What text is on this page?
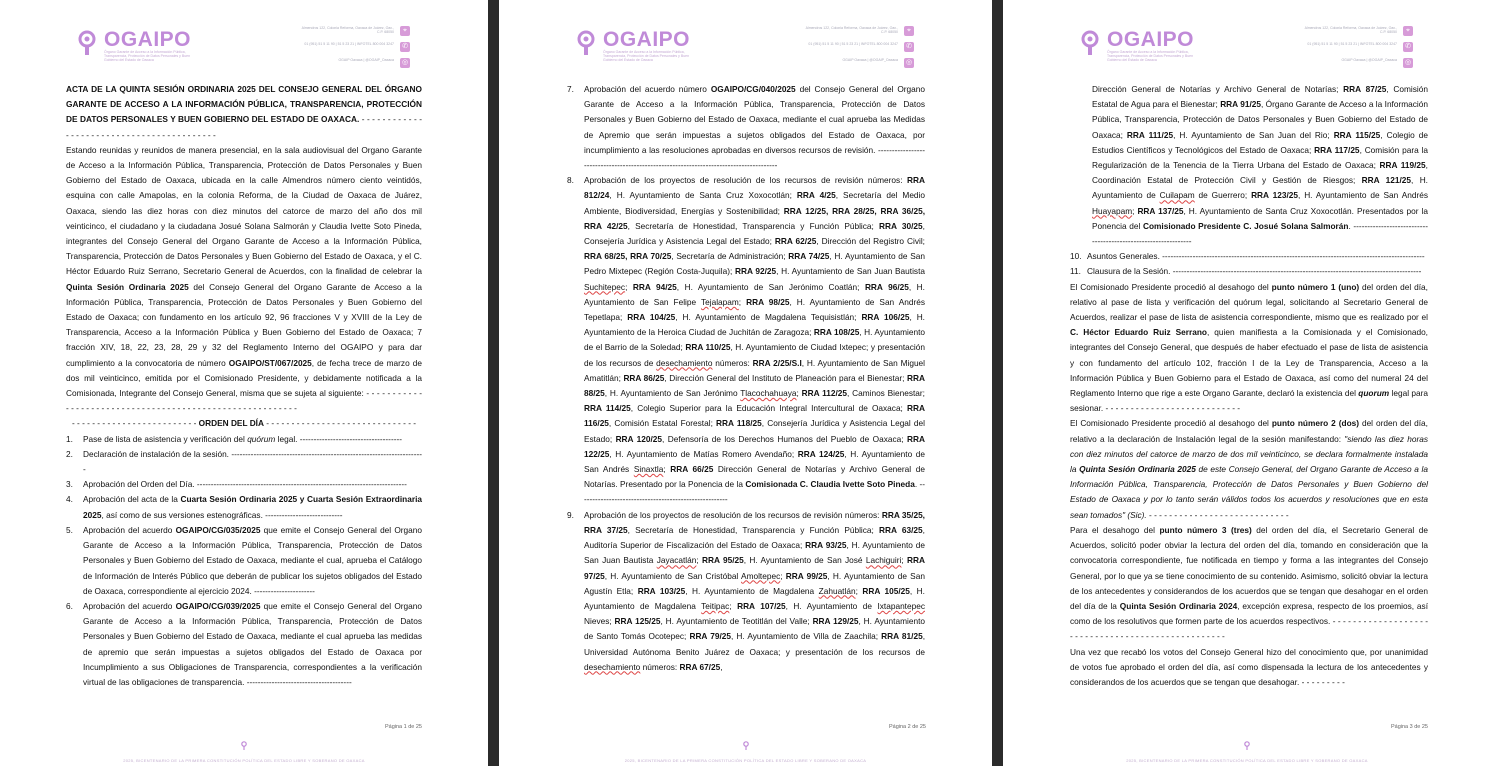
OGAIPO
Órgano Garante de Acceso a la Información Pública, Transparencia, Protección de Datos Personales y Buen Gobierno del Estado de Oaxaca
Almendros 122, Colonia Reforma, Oaxaca de Juárez, Oax., C.P. 68050	⌖
01 (951) 51 5 11 90 | 51 5 23 21 | INFOTEL 800 004 3247 ✆
OGAIP Oaxaca | @OGAIP_Oaxaca ◎

ACTA DE LA QUINTA SESIÓN ORDINARIA 2025 DEL CONSEJO GENERAL DEL ÓRGANO GARANTE DE ACCESO A LA INFORMACIÓN PÚBLICA, TRANSPARENCIA, PROTECCIÓN DE DATOS PERSONALES Y BUEN GOBIERNO DEL ESTADO DE OAXACA. - - - - - - - - - - - - - - - - - - - - - - - - - - - - - - - - - - - - - - - - - -

Estando reunidas y reunidos de manera presencial, en la sala audiovisual del Organo Garante de Acceso a la Información Pública, Transparencia, Protección de Datos Personales y Buen Gobierno del Estado de Oaxaca, ubicada en la calle Almendros número ciento veintidós, esquina con calle Amapolas, en la colonia Reforma, de la Ciudad de Oaxaca de Juárez, Oaxaca, siendo las diez horas con diez minutos del catorce de marzo del año dos mil veinticinco, el ciudadano y la ciudadana Josué Solana Salmorán y Claudia Ivette Soto Pineda, integrantes del Consejo General del Organo Garante de Acceso a la Información Pública, Transparencia, Protección de Datos Personales y Buen Gobierno del Estado de Oaxaca, y el C. Héctor Eduardo Ruiz Serrano, Secretario General de Acuerdos, con la finalidad de celebrar la Quinta Sesión Ordinaria 2025 del Consejo General del Organo Garante de Acceso a la Información Pública, Transparencia, Protección de Datos Personales y Buen Gobierno del Estado de Oaxaca; con fundamento en los artículo 92, 96 fracciones V y XVIII de la Ley de Transparencia, Acceso a la Información Pública y Buen Gobierno del Estado de Oaxaca; 7 fracción XIV, 18, 22, 23, 28, 29 y 32 del Reglamento Interno del OGAIPO y para dar cumplimiento a la convocatoria de número OGAIPO/ST/067/2025, de fecha trece de marzo de dos mil veinticinco, emitida por el Comisionado Presidente, y debidamente notificada a la Comisionada, Integrante del Consejo General, misma que se sujeta al siguiente: - - - - - - - - - - - - - - - - - - - - - - - - - - - - - - - - - - - - - - - - - - - - - - - - - - - - - - - - -

- - - - - - - - - - - - - - - - - - - - - - - - - ORDEN DEL DÍA - - - - - - - - - - - - - - - - - - - - - - - - - - - - - -

1. Pase de lista de asistencia y verificación del quórum legal. -------------------------------------
2. Declaración de instalación de la sesión. ----------------------------------------------------------------------
3. Aprobación del Orden del Día. ----------------------------------------------------------------------------
4. Aprobación del acta de la Cuarta Sesión Ordinaria 2025 y Cuarta Sesión Extraordinaria 2025, así como de sus versiones estenográficas. ----------------------------
5. Aprobación del acuerdo OGAIPO/CG/035/2025 que emite el Consejo General del Organo Garante de Acceso a la Información Pública, Transparencia, Protección de Datos Personales y Buen Gobierno del Estado de Oaxaca, mediante el cual, aprueba el Catálogo de Información de Interés Público que deberán de publicar los sujetos obligados del Estado de Oaxaca, correspondiente al ejercicio 2024. ----------------------
6. Aprobación del acuerdo OGAIPO/CG/039/2025 que emite el Consejo General del Organo Garante de Acceso a la Información Pública, Transparencia, Protección de Datos Personales y Buen Gobierno del Estado de Oaxaca, mediante el cual aprueba las medidas de apremio que serán impuestas a sujetos obligados del Estado de Oaxaca por Incumplimiento a sus Obligaciones de Transparencia, correspondientes a la verificación virtual de las obligaciones de transparencia. --------------------------------------
Página 1 de 25
2025, BICENTENARIO DE LA PRIMERA CONSTITUCIÓN POLÍTICA DEL ESTADO LIBRE Y SOBERANO DE OAXACA
OGAIPO
Órgano Garante de Acceso a la Información Pública, Transparencia, Protección de Datos Personales y Buen Gobierno del Estado de Oaxaca
Almendros 122, Colonia Reforma, Oaxaca de Juárez, Oax., C.P. 68050	⌖
01 (951) 51 5 11 90 | 51 5 23 21 | INFOTEL 800 004 3247 ✆
OGAIP Oaxaca | @OGAIP_Oaxaca ◎
7. Aprobación del acuerdo número OGAIPO/CG/040/2025 del Consejo General del Organo Garante de Acceso a la Información Pública, Transparencia, Protección de Datos Personales y Buen Gobierno del Estado de Oaxaca, mediante el cual aprueba las Medidas de Apremio que serán impuestas a sujetos obligados del Estado de Oaxaca, por incumplimiento a las resoluciones aprobadas en diversos recursos de revisión. ---------------------------------------------------------------------------------------
8. Aprobación de los proyectos de resolución de los recursos de revisión números: RRA 812/24, H. Ayuntamiento de Santa Cruz Xoxocotlán; RRA 4/25, Secretaría del Medio Ambiente, Biodiversidad, Energías y Sostenibilidad; RRA 12/25, RRA 28/25, RRA 36/25, RRA 42/25, Secretaría de Honestidad, Transparencia y Función Pública; RRA 30/25, Consejería Jurídica y Asistencia Legal del Estado; RRA 62/25, Dirección del Registro Civil; RRA 68/25, RRA 70/25, Secretaría de Administración; RRA 74/25, H. Ayuntamiento de San Pedro Mixtepec (Región Costa-Juquila); RRA 92/25, H. Ayuntamiento de San Juan Bautista Suchitepec; RRA 94/25, H. Ayuntamiento de San Jerónimo Coatlán; RRA 96/25, H. Ayuntamiento de San Felipe Tejalapam; RRA 98/25, H. Ayuntamiento de San Andrés Tepetlapa; RRA 104/25, H. Ayuntamiento de Magdalena Tequisistlán; RRA 106/25, H. Ayuntamiento de la Heroica Ciudad de Juchitán de Zaragoza; RRA 108/25, H. Ayuntamiento de el Barrio de la Soledad; RRA 110/25, H. Ayuntamiento de Ciudad Ixtepec; y presentación de los recursos de desechamiento números: RRA 2/25/S.I, H. Ayuntamiento de San Miguel Amatitlán; RRA 86/25, Dirección General del Instituto de Planeación para el Bienestar; RRA 88/25, H. Ayuntamiento de San Jerónimo Tlacochahuaya; RRA 112/25, Caminos Bienestar; RRA 114/25, Colegio Superior para la Educación Integral Intercultural de Oaxaca; RRA 116/25, Comisión Estatal Forestal; RRA 118/25, Consejería Jurídica y Asistencia Legal del Estado; RRA 120/25, Defensoría de los Derechos Humanos del Pueblo de Oaxaca; RRA 122/25, H. Ayuntamiento de Matías Romero Avendaño; RRA 124/25, H. Ayuntamiento de San Andrés Sinaxtla; RRA 66/25 Dirección General de Notarías y Archivo General de Notarías. Presentado por la Ponencia de la Comisionada C. Claudia Ivette Soto Pineda. ------------------------------------------------------
9. Aprobación de los proyectos de resolución de los recursos de revisión números: RRA 35/25, RRA 37/25, Secretaría de Honestidad, Transparencia y Función Pública; RRA 63/25, Auditoría Superior de Fiscalización del Estado de Oaxaca; RRA 93/25, H. Ayuntamiento de San Juan Bautista Jayacatlán; RRA 95/25, H. Ayuntamiento de San José Lachiguiri; RRA 97/25, H. Ayuntamiento de San Cristóbal Amoltepec; RRA 99/25, H. Ayuntamiento de San Agustín Etla; RRA 103/25, H. Ayuntamiento de Magdalena Zahuatlán; RRA 105/25, H. Ayuntamiento de Magdalena Teitipac; RRA 107/25, H. Ayuntamiento de Ixtapantepec Nieves; RRA 125/25, H. Ayuntamiento de Teotitlán del Valle; RRA 129/25, H. Ayuntamiento de Santo Tomás Ocotepec; RRA 79/25, H. Ayuntamiento de Villa de Zaachila; RRA 81/25, Universidad Autónoma Benito Juárez de Oaxaca; y presentación de los recursos de desechamiento números: RRA 67/25,
Página 2 de 25
2025, BICENTENARIO DE LA PRIMERA CONSTITUCIÓN POLÍTICA DEL ESTADO LIBRE Y SOBERANO DE OAXACA
OGAIPO
Órgano Garante de Acceso a la Información Pública, Transparencia, Protección de Datos Personales y Buen Gobierno del Estado de Oaxaca
Almendros 122, Colonia Reforma, Oaxaca de Juárez, Oax., C.P. 68050	⌖
01 (951) 51 5 11 90 | 51 5 23 21 | INFOTEL 800 004 3247 ✆
OGAIP Oaxaca | @OGAIP_Oaxaca ◎

Dirección General de Notarías y Archivo General de Notarías; RRA 87/25, Comisión Estatal de Agua para el Bienestar; RRA 91/25, Órgano Garante de Acceso a la Información Pública, Transparencia, Protección de Datos Personales y Buen Gobierno del Estado de Oaxaca; RRA 111/25, H. Ayuntamiento de San Juan del Rio; RRA 115/25, Colegio de Estudios Científicos y Tecnológicos del Estado de Oaxaca; RRA 117/25, Comisión para la Regularización de la Tenencia de la Tierra Urbana del Estado de Oaxaca; RRA 119/25, Coordinación Estatal de Protección Civil y Gestión de Riesgos; RRA 121/25, H. Ayuntamiento de Cuilapam de Guerrero; RRA 123/25, H. Ayuntamiento de San Andrés Huayapam; RRA 137/25, H. Ayuntamiento de Santa Cruz Xoxocotlán. Presentados por la Ponencia del Comisionado Presidente C. Josué Solana Salmorán. ---------------------------------------------------------------

10. Asuntos Generales. -----------------------------------------------------------------------------------------------
11. Clausura de la Sesión. ------------------------------------------------------------------------------------------

El Comisionado Presidente procedió al desahogo del punto número 1 (uno) del orden del día, relativo al pase de lista y verificación del quórum legal, solicitando al Secretario General de Acuerdos, realizar el pase de lista de asistencia correspondiente, mismo que es realizado por el C. Héctor Eduardo Ruiz Serrano, quien manifiesta a la Comisionada y el Comisionado, integrantes del Consejo General, que después de haber efectuado el pase de lista de asistencia y con fundamento del artículo 102, fracción I de la Ley de Transparencia, Acceso a la Información Pública y Buen Gobierno para el Estado de Oaxaca, así como del numeral 24 del Reglamento Interno que rige a este Organo Garante, declaró la existencia del quorum legal para sesionar. - - - - - - - - - - - - - - - - - - - - - - - - - - -

El Comisionado Presidente procedió al desahogo del punto número 2 (dos) del orden del día, relativo a la declaración de Instalación legal de la sesión manifestando: "siendo las diez horas con diez minutos del catorce de marzo de dos mil veinticinco, se declara formalmente instalada la Quinta Sesión Ordinaria 2025 de este Consejo General, del Organo Garante de Acceso a la Información Pública, Transparencia, Protección de Datos Personales y Buen Gobierno del Estado de Oaxaca y por lo tanto serán válidos todos los acuerdos y resoluciones que en esta sean tomados" (Sic). - - - - - - - - - - - - - - - - - - - - - - - - - - - -

Para el desahogo del punto número 3 (tres) del orden del día, el Secretario General de Acuerdos, solicitó poder obviar la lectura del orden del día, tomando en consideración que la convocatoria correspondiente, fue notificada en tiempo y forma a las integrantes del Consejo General, por lo que ya se tiene conocimiento de su contenido. Asimismo, solicitó obviar la lectura de los antecedentes y considerandos de los acuerdos que se tengan que desahogar en el orden del día de la Quinta Sesión Ordinaria 2024, excepción expresa, respecto de los proemios, así como de los resolutivos que formen parte de los acuerdos respectivos. - - - - - - - - - - - - - - - - - - - - - - - - - - - - - - - - - - - - - - - - - - - - - - - - - -

Una vez que recabó los votos del Consejo General hizo del conocimiento que, por unanimidad de votos fue aprobado el orden del día, así como dispensada la lectura de los antecedentes y considerandos de los acuerdos que se tengan que desahogar. - - - - - - - - -

Página 3 de 25
2025, BICENTENARIO DE LA PRIMERA CONSTITUCIÓN POLÍTICA DEL ESTADO LIBRE Y SOBERANO DE OAXACA
